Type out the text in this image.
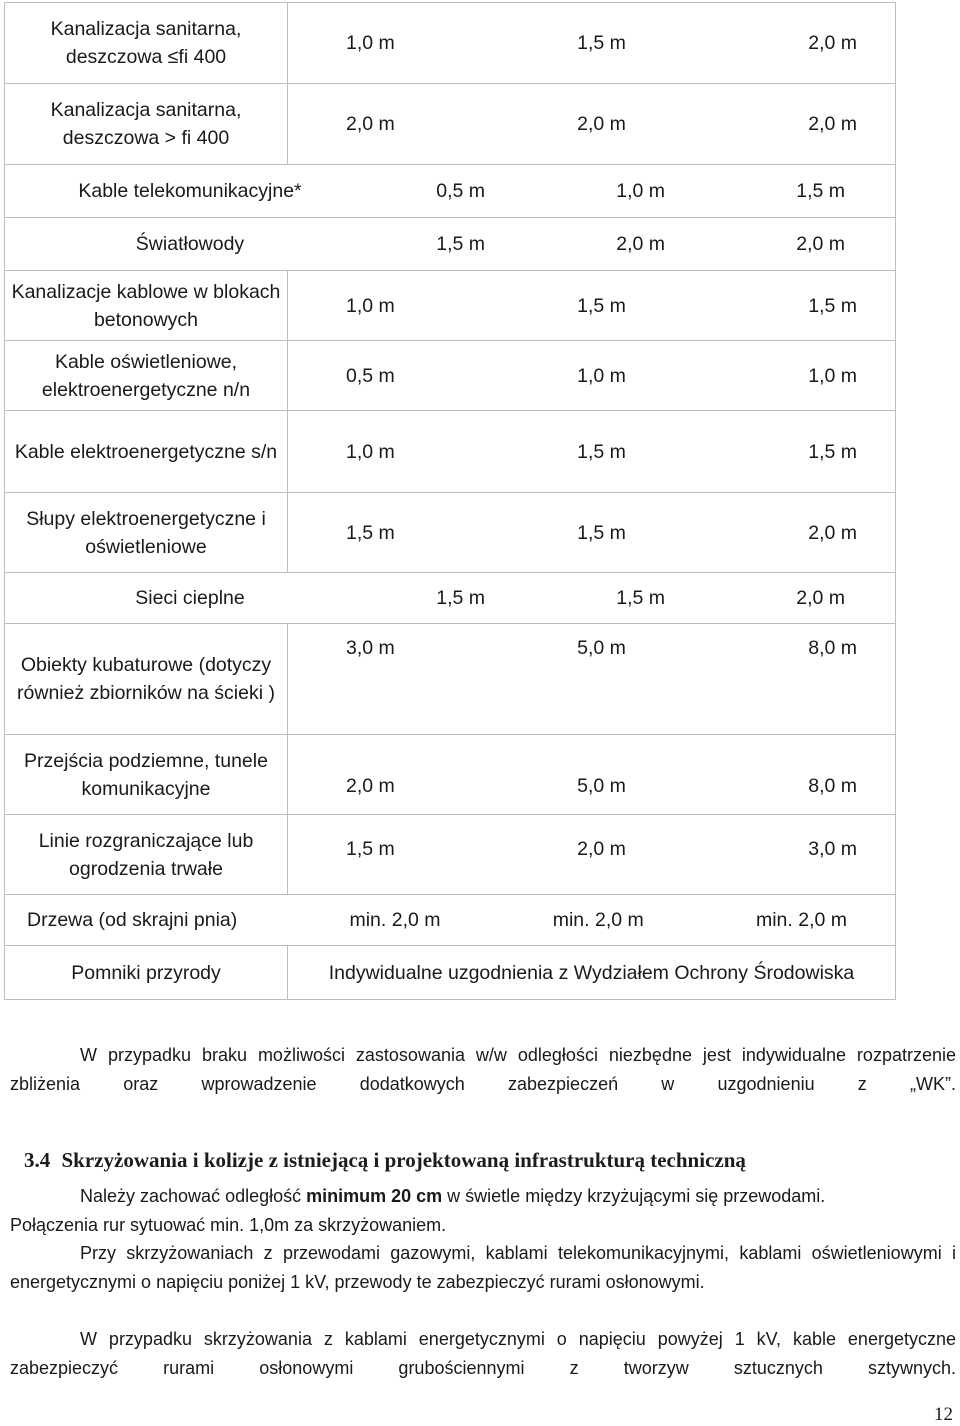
Kanalizacja sanitarna, deszczowa ≤fi 400	1,0 m 1,5 m 2,0 m

Kanalizacja sanitarna, deszczowa > fi 400	2,0 m 2,0 m 2,0 m

Kable telekomunikacyjne* 0,5 m 1,0 m 1,5 m	

Światłowody 1,5 m 2,0 m 2,0 m	

Kanalizacje kablowe w blokach betonowych	1,0 m 1,5 m 1,5 m

Kable oświetleniowe, elektroenergetyczne n/n	0,5 m 1,0 m 1,0 m

Kable elektroenergetyczne s/n	1,0 m 1,5 m 1,5 m

Słupy elektroenergetyczne i oświetleniowe	1,5 m 1,5 m 2,0 m

Sieci cieplne 1,5 m 1,5 m 2,0 m	

Obiekty kubaturowe (dotyczy również zbiorników na ścieki )	3,0 m 5,0 m 8,0 m

Przejścia podziemne, tunele komunikacyjne	2,0 m 5,0 m 8,0 m

Linie rozgraniczające lub ogrodzenia trwałe	1,5 m 2,0 m 3,0 m

Drzewa (od skrajni pnia) min. 2,0 m min. 2,0 m min. 2,0 m	

Pomniki przyrody	Indywidualne uzgodnienia z Wydziałem Ochrony Środowiska

W przypadku braku możliwości zastosowania w/w odległości niezbędne jest indywidualne rozpatrzenie zbliżenia oraz wprowadzenie dodatkowych zabezpieczeń w uzgodnieniu z „WK”.

3.4 Skrzyżowania i kolizje z istniejącą i projektowaną infrastrukturą techniczną

Należy zachować odległość minimum 20 cm w świetle między krzyżującymi się przewodami.

Połączenia rur sytuować min. 1,0m za skrzyżowaniem.

Przy skrzyżowaniach z przewodami gazowymi, kablami telekomunikacyjnymi, kablami oświetleniowymi i energetycznymi o napięciu poniżej 1 kV, przewody te zabezpieczyć rurami osłonowymi.

W przypadku skrzyżowania z kablami energetycznymi o napięciu powyżej 1 kV, kable energetyczne zabezpieczyć rurami osłonowymi grubościennymi z tworzyw sztucznych sztywnych.

12
